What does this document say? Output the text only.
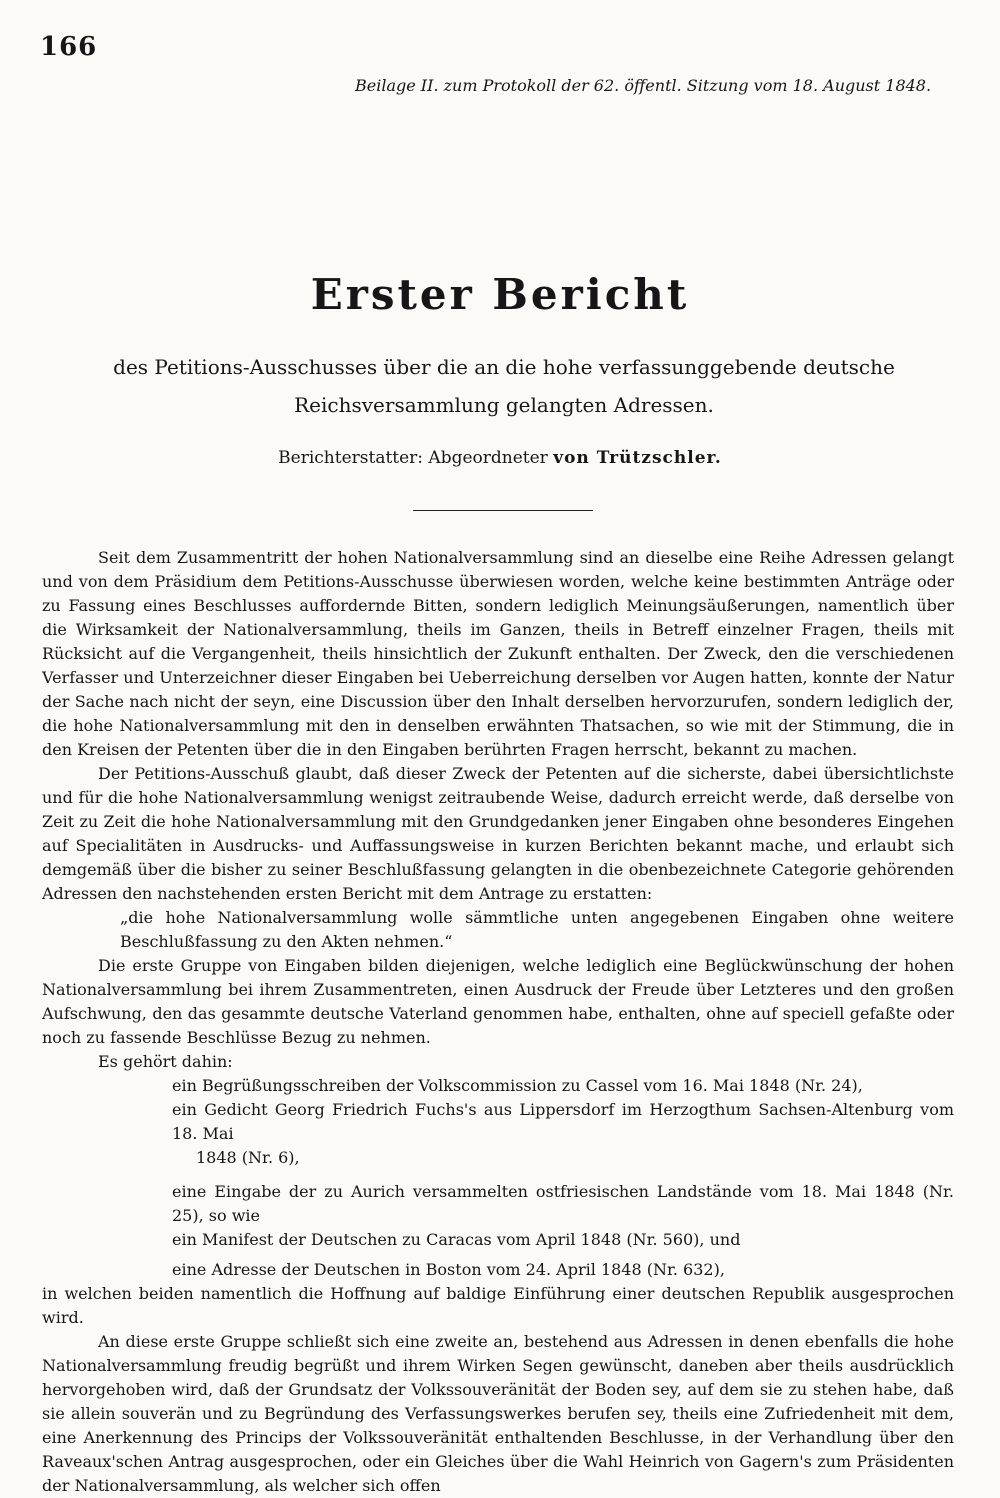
166
Beilage II. zum Protokoll der 62. öffentl. Sitzung vom 18. August 1848.
Erster Bericht
des Petitions-Ausschusses über die an die hohe verfassunggebende deutsche Reichsversammlung gelangten Adressen.
Berichterstatter: Abgeordneter von Trützschler.

Seit dem Zusammentritt der hohen Nationalversammlung sind an dieselbe eine Reihe Adressen gelangt und von dem Präsidium dem Petitions-Ausschusse überwiesen worden, welche keine bestimmten Anträge oder zu Fassung eines Beschlusses auffordernde Bitten, sondern lediglich Meinungsäußerungen, namentlich über die Wirksamkeit der Nationalversammlung, theils im Ganzen, theils in Betreff einzelner Fragen, theils mit Rücksicht auf die Vergangenheit, theils hinsichtlich der Zukunft enthalten. Der Zweck, den die verschiedenen Verfasser und Unterzeichner dieser Eingaben bei Ueberreichung derselben vor Augen hatten, konnte der Natur der Sache nach nicht der seyn, eine Discussion über den Inhalt derselben hervorzurufen, sondern lediglich der, die hohe Nationalversammlung mit den in denselben erwähnten Thatsachen, so wie mit der Stimmung, die in den Kreisen der Petenten über die in den Eingaben berührten Fragen herrscht, bekannt zu machen.

Der Petitions-Ausschuß glaubt, daß dieser Zweck der Petenten auf die sicherste, dabei übersichtlichste und für die hohe Nationalversammlung wenigst zeitraubende Weise, dadurch erreicht werde, daß derselbe von Zeit zu Zeit die hohe Nationalversammlung mit den Grundgedanken jener Eingaben ohne besonderes Eingehen auf Specialitäten in Ausdrucks- und Auffassungsweise in kurzen Berichten bekannt mache, und erlaubt sich demgemäß über die bisher zu seiner Beschlußfassung gelangten in die obenbezeichnete Categorie gehörenden Adressen den nachstehenden ersten Bericht mit dem Antrage zu erstatten:

„die hohe Nationalversammlung wolle sämmtliche unten angegebenen Eingaben ohne weitere Beschlußfassung zu den Akten nehmen.“

Die erste Gruppe von Eingaben bilden diejenigen, welche lediglich eine Beglückwünschung der hohen Nationalversammlung bei ihrem Zusammentreten, einen Ausdruck der Freude über Letzteres und den großen Aufschwung, den das gesammte deutsche Vaterland genommen habe, enthalten, ohne auf speciell gefaßte oder noch zu fassende Beschlüsse Bezug zu nehmen.

Es gehört dahin:

ein Begrüßungsschreiben der Volkscommission zu Cassel vom 16. Mai 1848 (Nr. 24),
ein Gedicht Georg Friedrich Fuchs's aus Lippersdorf im Herzogthum Sachsen-Altenburg vom 18. Mai
1848 (Nr. 6),
eine Eingabe der zu Aurich versammelten ostfriesischen Landstände vom 18. Mai 1848 (Nr. 25), so wie
ein Manifest der Deutschen zu Caracas vom April 1848 (Nr. 560), und
eine Adresse der Deutschen in Boston vom 24. April 1848 (Nr. 632),

in welchen beiden namentlich die Hoffnung auf baldige Einführung einer deutschen Republik ausgesprochen wird.

An diese erste Gruppe schließt sich eine zweite an, bestehend aus Adressen in denen ebenfalls die hohe Nationalversammlung freudig begrüßt und ihrem Wirken Segen gewünscht, daneben aber theils ausdrücklich hervorgehoben wird, daß der Grundsatz der Volkssouveränität der Boden sey, auf dem sie zu stehen habe, daß sie allein souverän und zu Begründung des Verfassungswerkes berufen sey, theils eine Zufriedenheit mit dem, eine Anerkennung des Princips der Volkssouveränität enthaltenden Beschlusse, in der Verhandlung über den Raveaux'schen Antrag ausgesprochen, oder ein Gleiches über die Wahl Heinrich von Gagern's zum Präsidenten der Nationalversammlung, als welcher sich offen
